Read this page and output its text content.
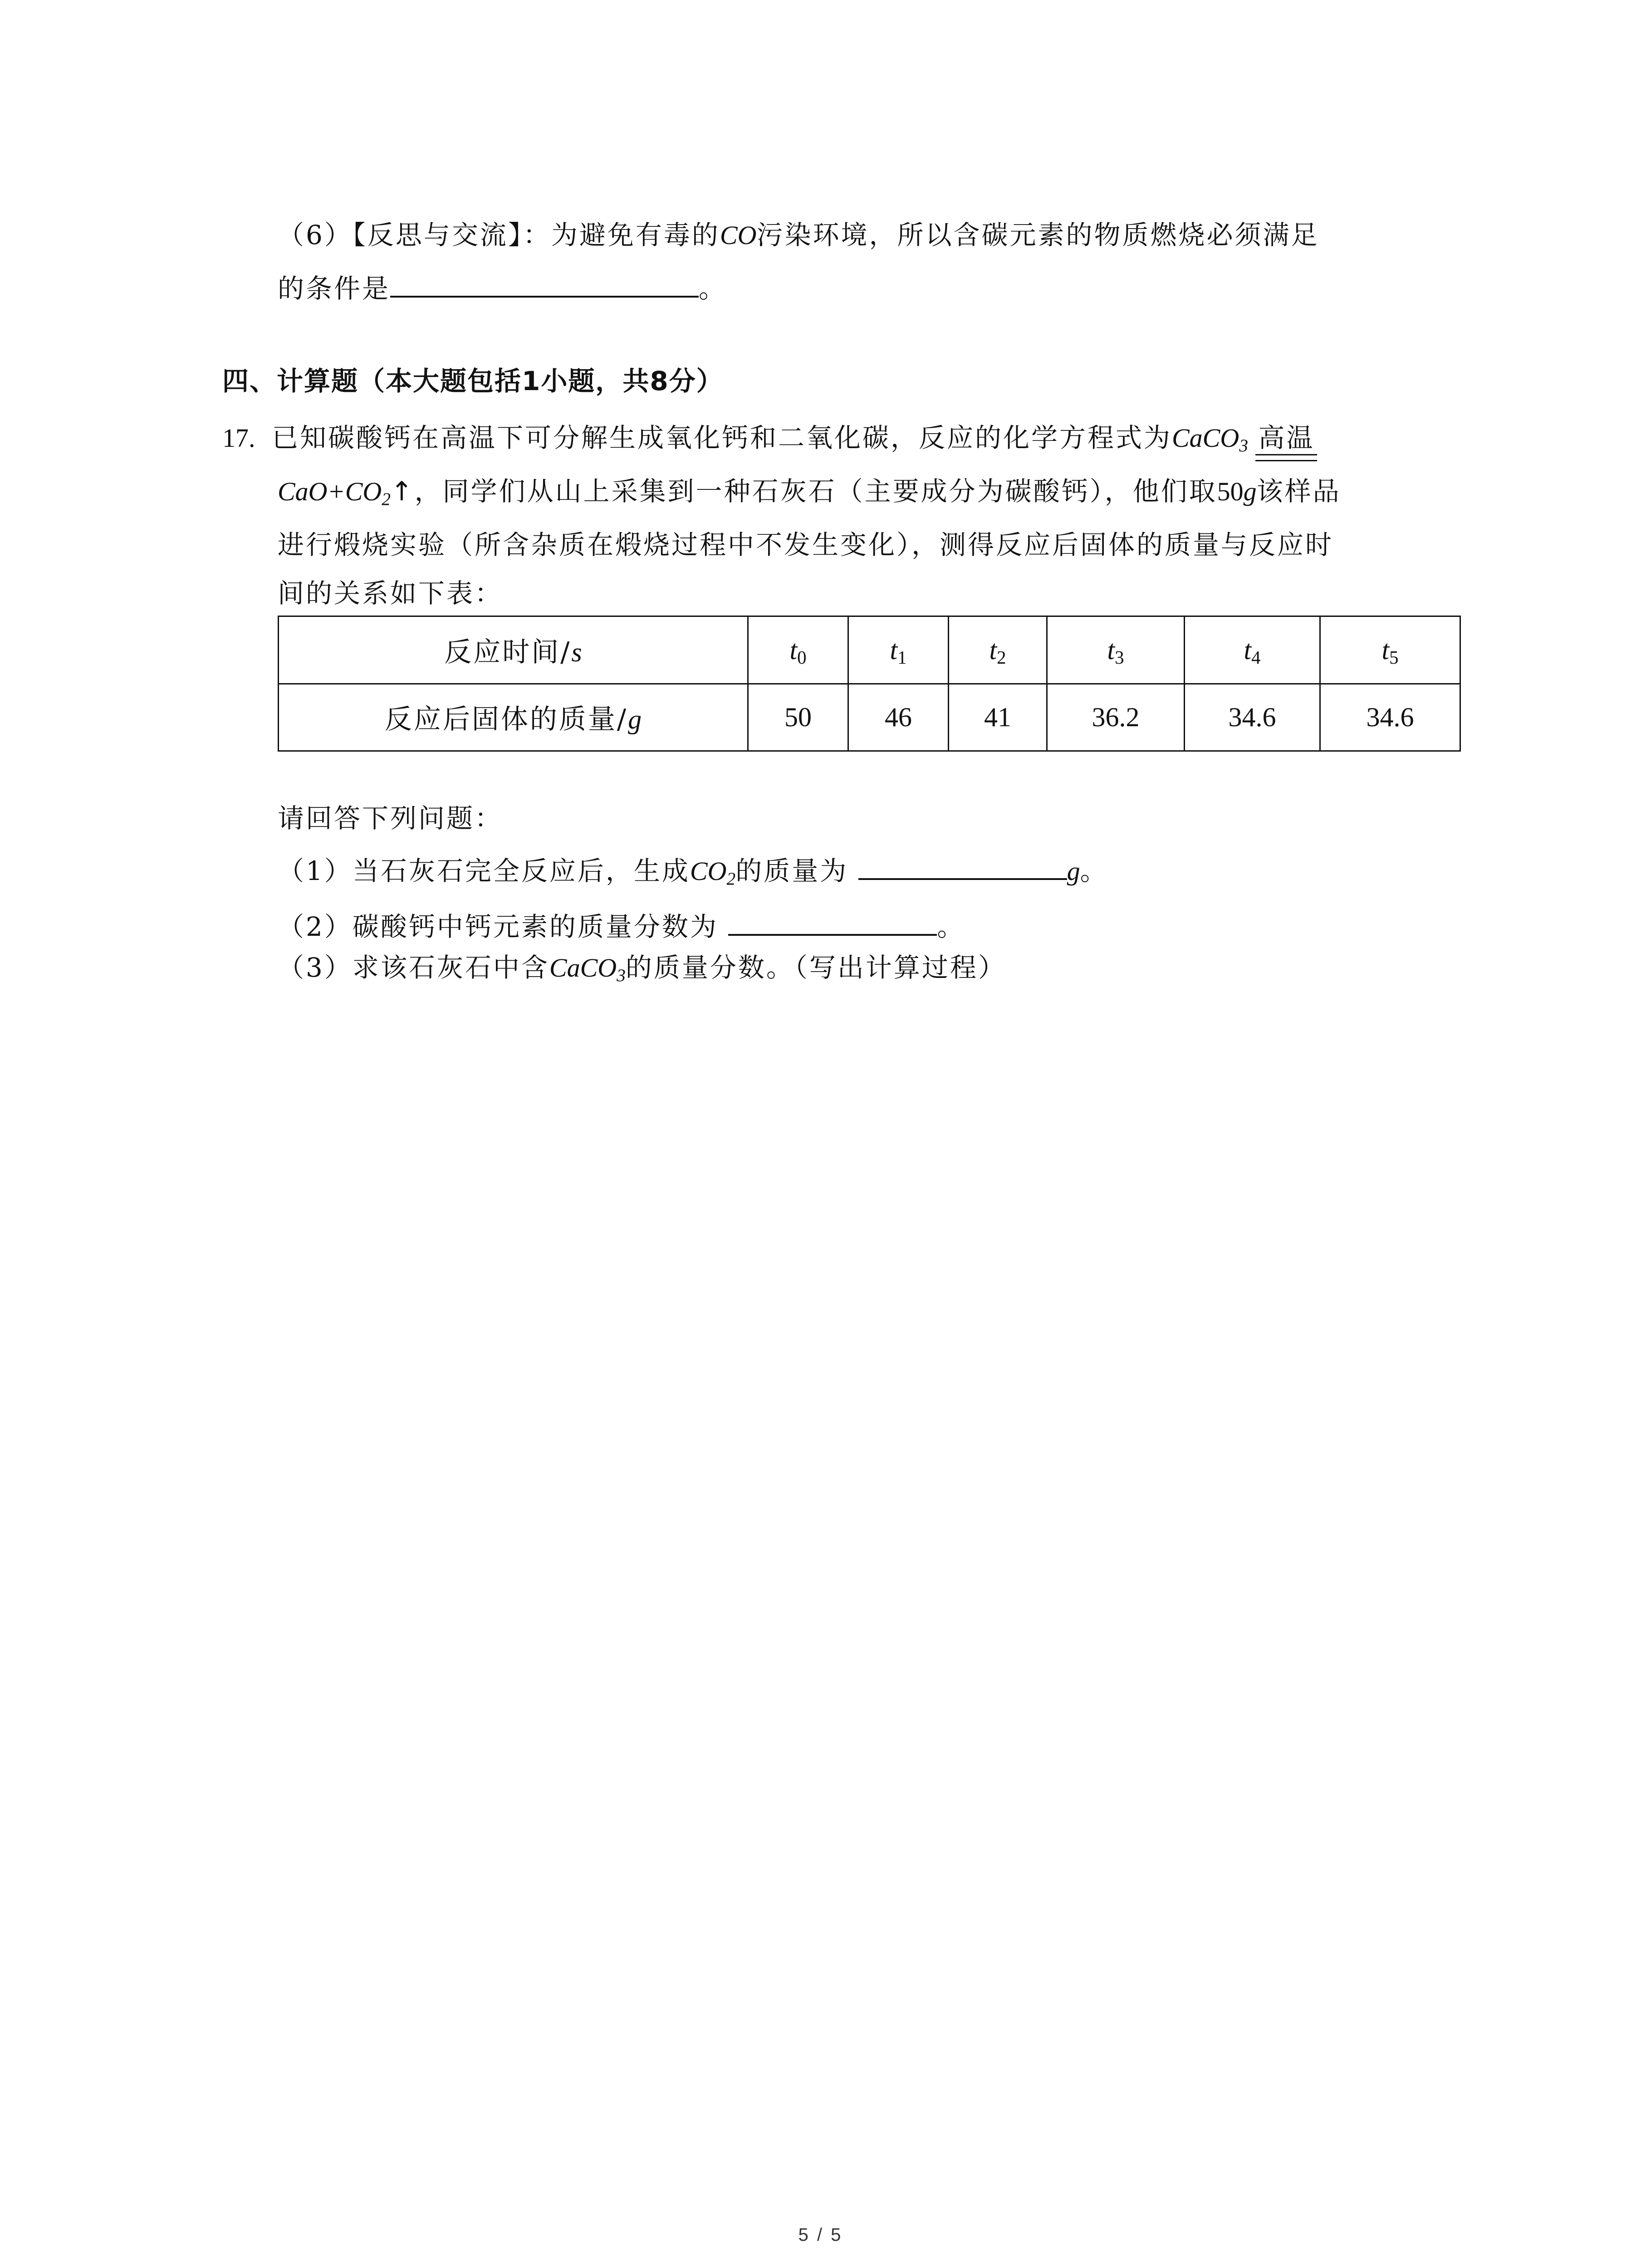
（6）【反思与交流】：为避免有毒的CO污染环境，所以含碳元素的物质燃烧必须满足
的条件是	。
四、计算题（本大题包括1小题，共8分）
17. 已知碳酸钙在高温下可分解生成氧化钙和二氧化碳，反应的化学方程式为CaCO$_3$ 高温
$CaO+CO_2↑$，同学们从山上采集到一种石灰石（主要成分为碳酸钙），他们取50g该样品
进行煅烧实验（所含杂质在煅烧过程中不发生变化），测得反应后固体的质量与反应时
间的关系如下表：
反应时间/s	$t_0$	$t_1$	$t_2$	$t_3$	$t_4$	$t_5$
反应后固体的质量/g	50	46	41	36.2	34.6	34.6
请回答下列问题：
（1）当石灰石完全反应后，生成$CO_2$的质量为	g。
（2）碳酸钙中钙元素的质量分数为	。
（3）求该石灰石中含CaCO$_3$的质量分数。（写出计算过程）
5 / 5
